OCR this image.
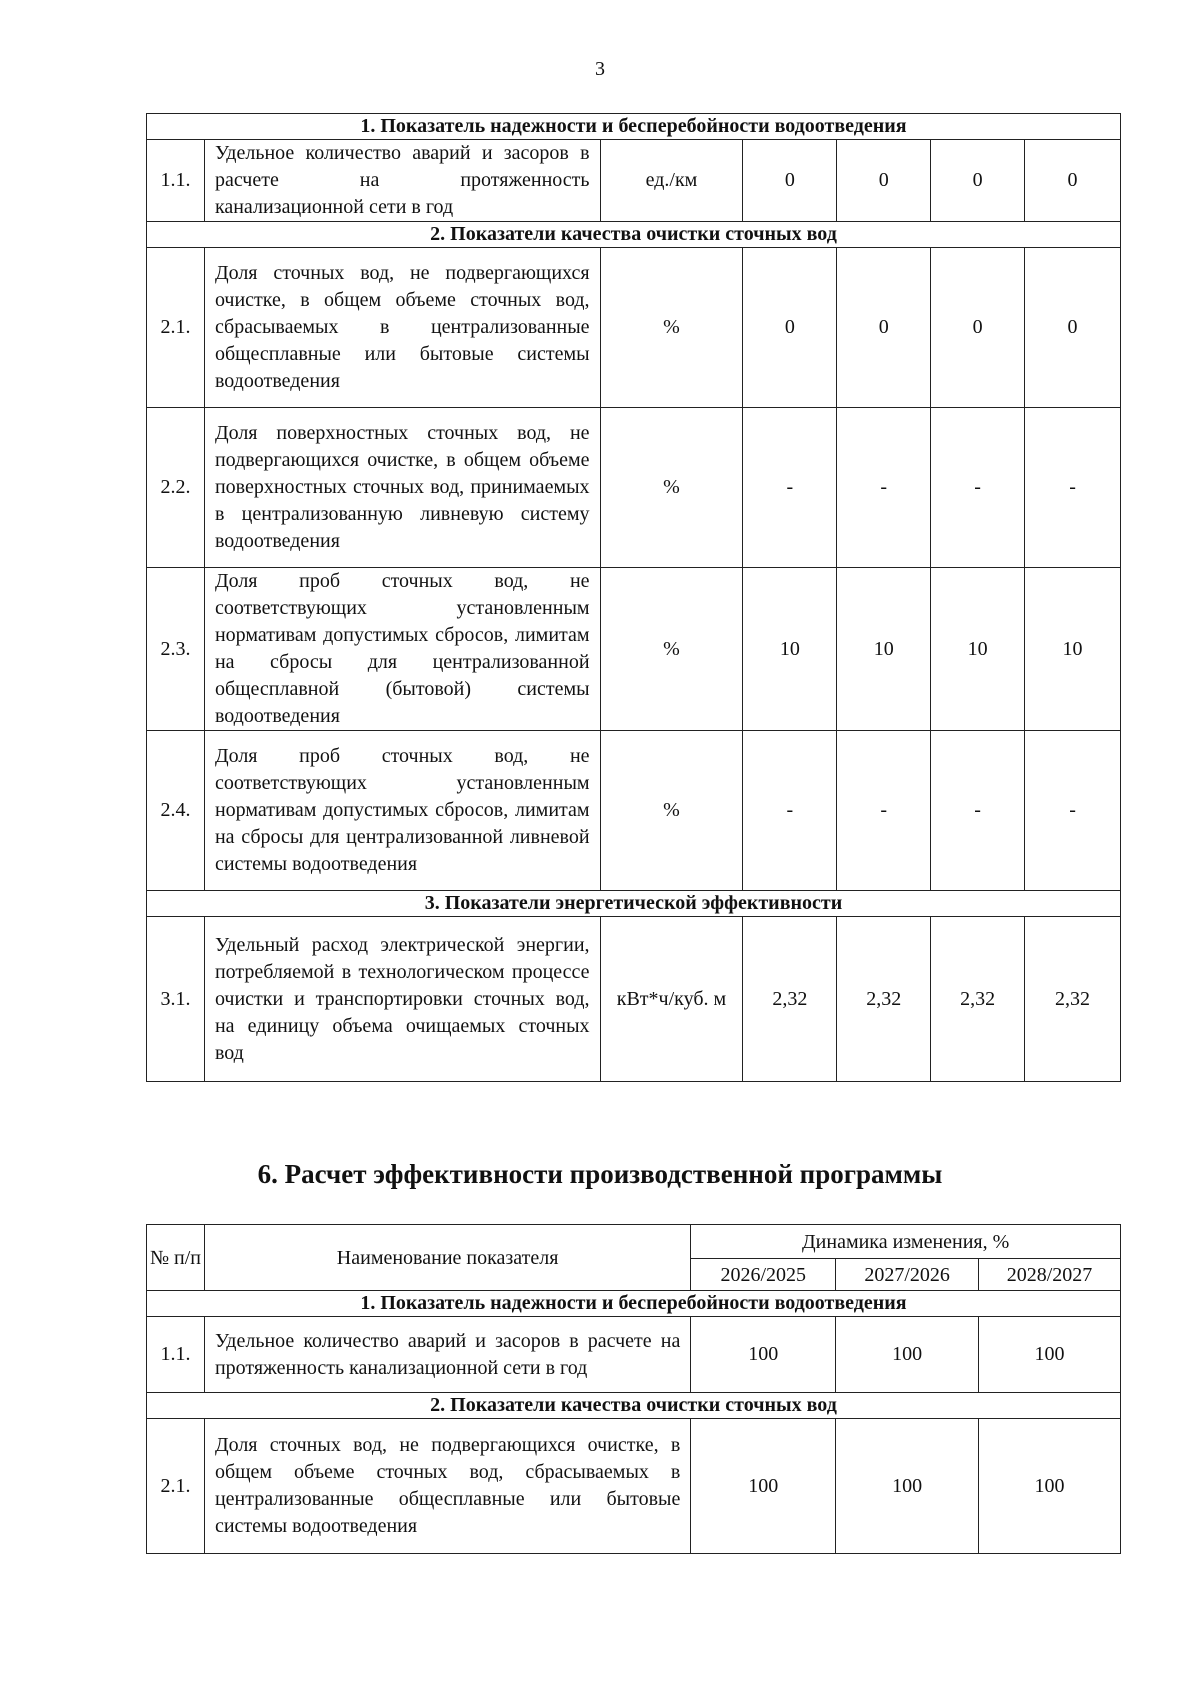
3
1. Показатель надежности и бесперебойности водоотведения						
1.1.	Удельное количество аварий и засоров в расчете на протяженность канализационной сети в год	ед./км	0	0	0	0
2. Показатели качества очистки сточных вод						
2.1.	Доля сточных вод, не подвергающихся очистке, в общем объеме сточных вод, сбрасываемых в централизованные общесплавные или бытовые системы водоотведения	%	0	0	0	0
2.2.	Доля поверхностных сточных вод, не подвергающихся очистке, в общем объеме поверхностных сточных вод, принимаемых в централизованную ливневую систему водоотведения	%	-	-	-	-
2.3.	Доля проб сточных вод, не соответствующих установленным нормативам допустимых сбросов, лимитам на сбросы для централизованной общесплавной (бытовой) системы водоотведения	%	10	10	10	10
2.4.	Доля проб сточных вод, не соответствующих установленным нормативам допустимых сбросов, лимитам на сбросы для централизованной ливневой системы водоотведения	%	-	-	-	-
3. Показатели энергетической эффективности						
3.1.	Удельный расход электрической энергии, потребляемой в технологическом процессе очистки и транспортировки сточных вод, на единицу объема очищаемых сточных вод	кВт*ч/куб. м	2,32	2,32	2,32	2,32
6. Расчет эффективности производственной программы
№ п/п	Наименование показателя	Динамика изменения, %		
		2026/2025	2027/2026	2028/2027
1. Показатель надежности и бесперебойности водоотведения				
1.1.	Удельное количество аварий и засоров в расчете на протяженность канализационной сети в год	100	100	100
2. Показатели качества очистки сточных вод				
2.1.	Доля сточных вод, не подвергающихся очистке, в общем объеме сточных вод, сбрасываемых в централизованные общесплавные или бытовые системы водоотведения	100	100	100
